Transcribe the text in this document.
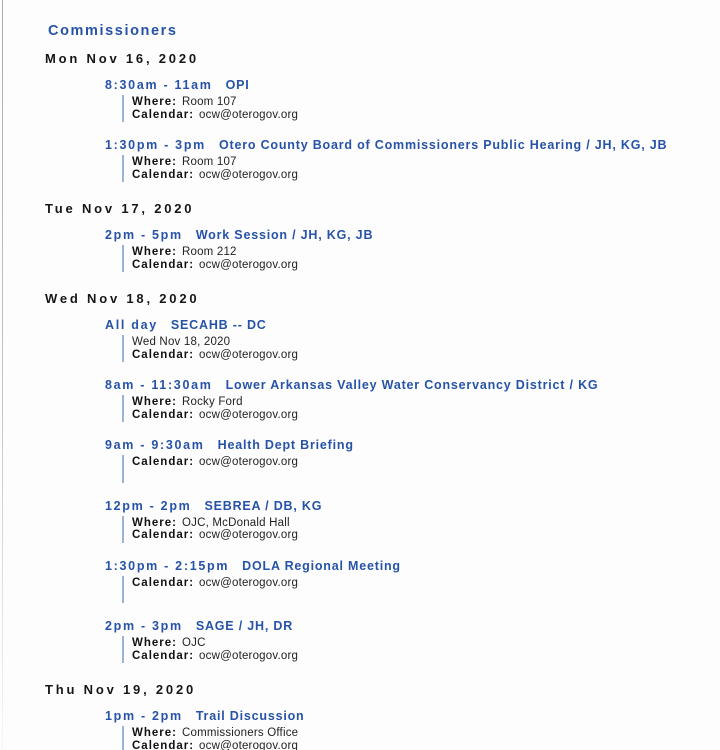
Commissioners
Mon Nov 16, 2020
8:30am - 11am OPI
Where: Room 107
Calendar: ocw@oterogov.org
1:30pm - 3pm Otero County Board of Commissioners Public Hearing / JH, KG, JB
Where: Room 107
Calendar: ocw@oterogov.org
Tue Nov 17, 2020
2pm - 5pm Work Session / JH, KG, JB
Where: Room 212
Calendar: ocw@oterogov.org
Wed Nov 18, 2020
All day SECAHB -- DC
Wed Nov 18, 2020
Calendar: ocw@oterogov.org
8am - 11:30am Lower Arkansas Valley Water Conservancy District / KG
Where: Rocky Ford
Calendar: ocw@oterogov.org
9am - 9:30am Health Dept Briefing
Calendar: ocw@oterogov.org
12pm - 2pm SEBREA / DB, KG
Where: OJC, McDonald Hall
Calendar: ocw@oterogov.org
1:30pm - 2:15pm DOLA Regional Meeting
Calendar: ocw@oterogov.org
2pm - 3pm SAGE / JH, DR
Where: OJC
Calendar: ocw@oterogov.org
Thu Nov 19, 2020
1pm - 2pm Trail Discussion
Where: Commissioners Office
Calendar: ocw@oterogov.org
